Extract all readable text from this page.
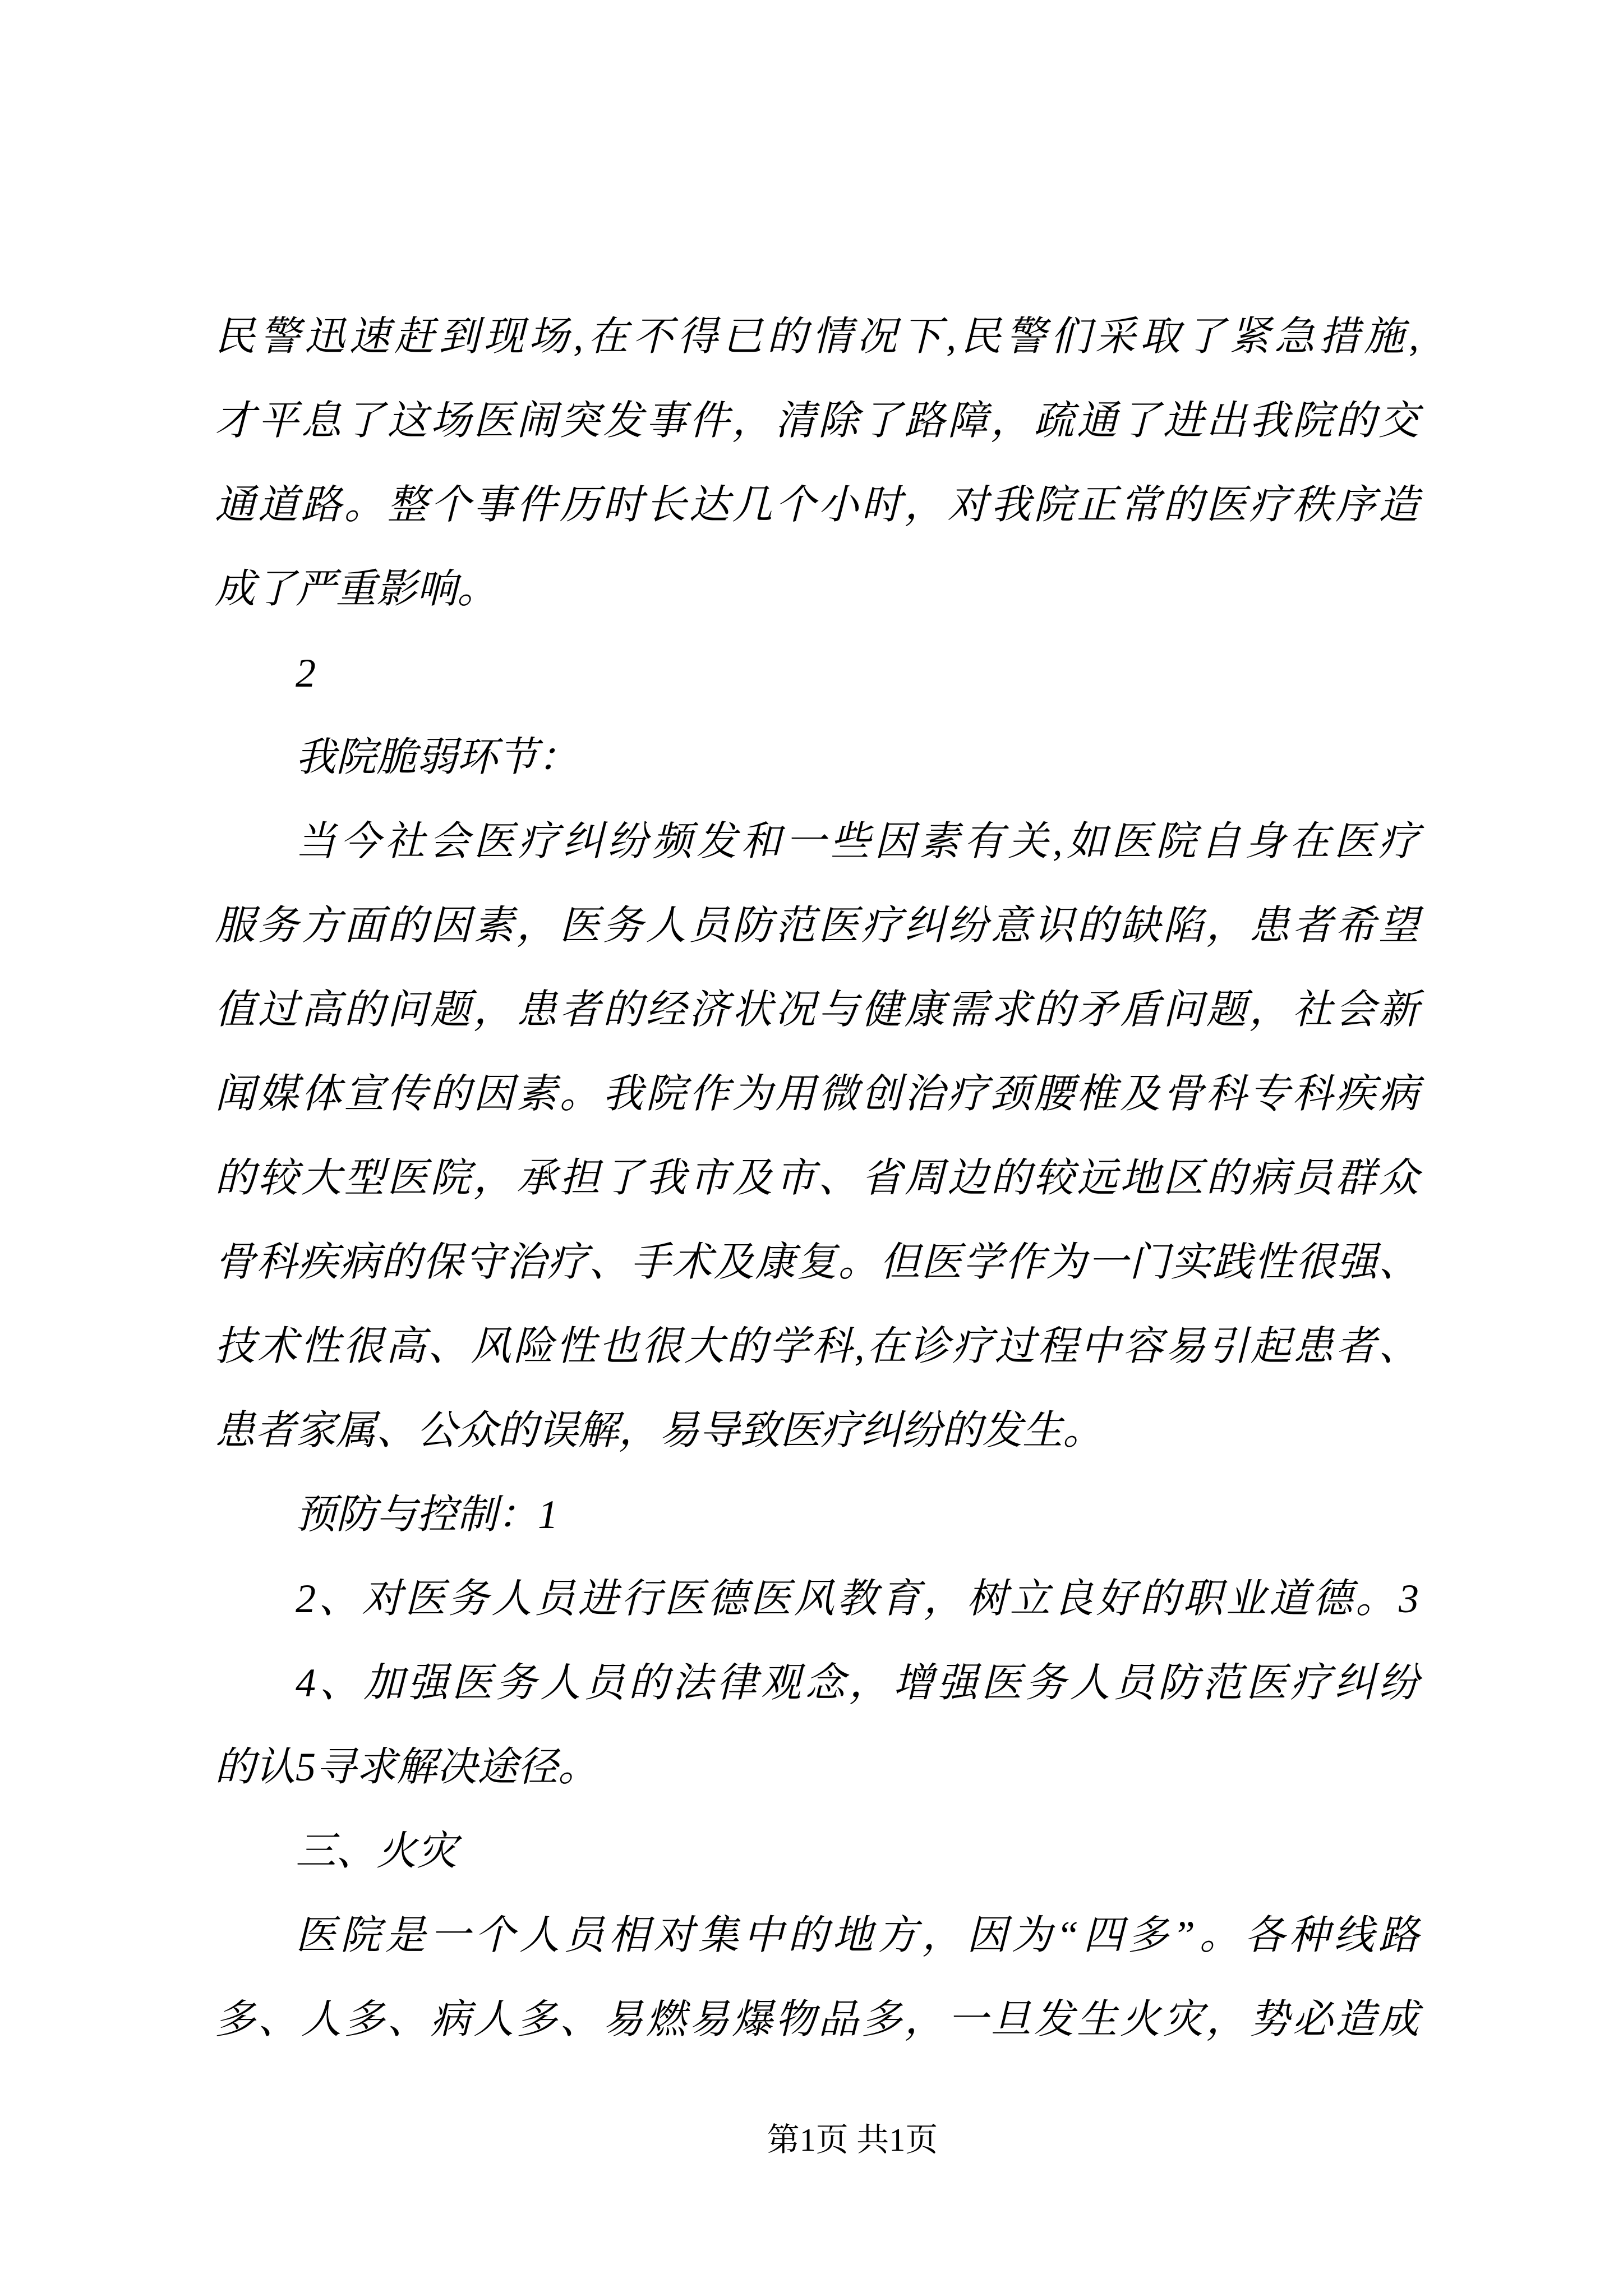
民警迅速赶到现场,在不得已的情况下,民警们采取了紧急措施,
才平息了这场医闹突发事件，清除了路障，疏通了进出我院的交
通道路。整个事件历时长达几个小时，对我院正常的医疗秩序造
成了严重影响。
2
我院脆弱环节：
当今社会医疗纠纷频发和一些因素有关,如医院自身在医疗
服务方面的因素，医务人员防范医疗纠纷意识的缺陷，患者希望
值过高的问题，患者的经济状况与健康需求的矛盾问题，社会新
闻媒体宣传的因素。我院作为用微创治疗颈腰椎及骨科专科疾病
的较大型医院，承担了我市及市、省周边的较远地区的病员群众
骨科疾病的保守治疗、手术及康复。但医学作为一门实践性很强、
技术性很高、风险性也很大的学科,在诊疗过程中容易引起患者、
患者家属、公众的误解，易导致医疗纠纷的发生。
预防与控制：1
2、对医务人员进行医德医风教育，树立良好的职业道德。3
4、加强医务人员的法律观念，增强医务人员防范医疗纠纷
的认5寻求解决途径。
三、火灾
医院是一个人员相对集中的地方，因为“四多”。各种线路
多、人多、病人多、易燃易爆物品多，一旦发生火灾，势必造成
第1页 共1页
